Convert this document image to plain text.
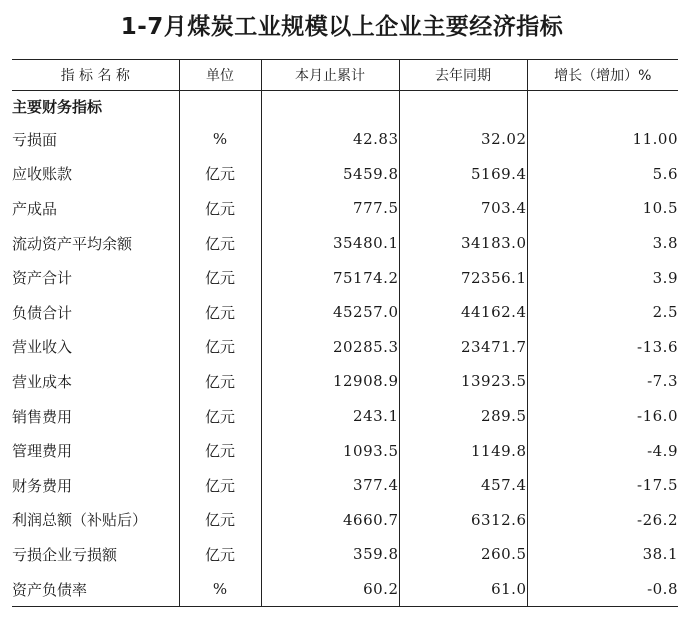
1-7月煤炭工业规模以上企业主要经济指标
指 标 名 称	单位	本月止累计	去年同期	增长（增加）%
主要财务指标				
亏损面	%	42.83	32.02	11.00
应收账款	亿元	5459.8	5169.4	5.6
产成品	亿元	777.5	703.4	10.5
流动资产平均余额	亿元	35480.1	34183.0	3.8
资产合计	亿元	75174.2	72356.1	3.9
负债合计	亿元	45257.0	44162.4	2.5
营业收入	亿元	20285.3	23471.7	-13.6
营业成本	亿元	12908.9	13923.5	-7.3
销售费用	亿元	243.1	289.5	-16.0
管理费用	亿元	1093.5	1149.8	-4.9
财务费用	亿元	377.4	457.4	-17.5
利润总额（补贴后）	亿元	4660.7	6312.6	-26.2
亏损企业亏损额	亿元	359.8	260.5	38.1
资产负债率	%	60.2	61.0	-0.8
